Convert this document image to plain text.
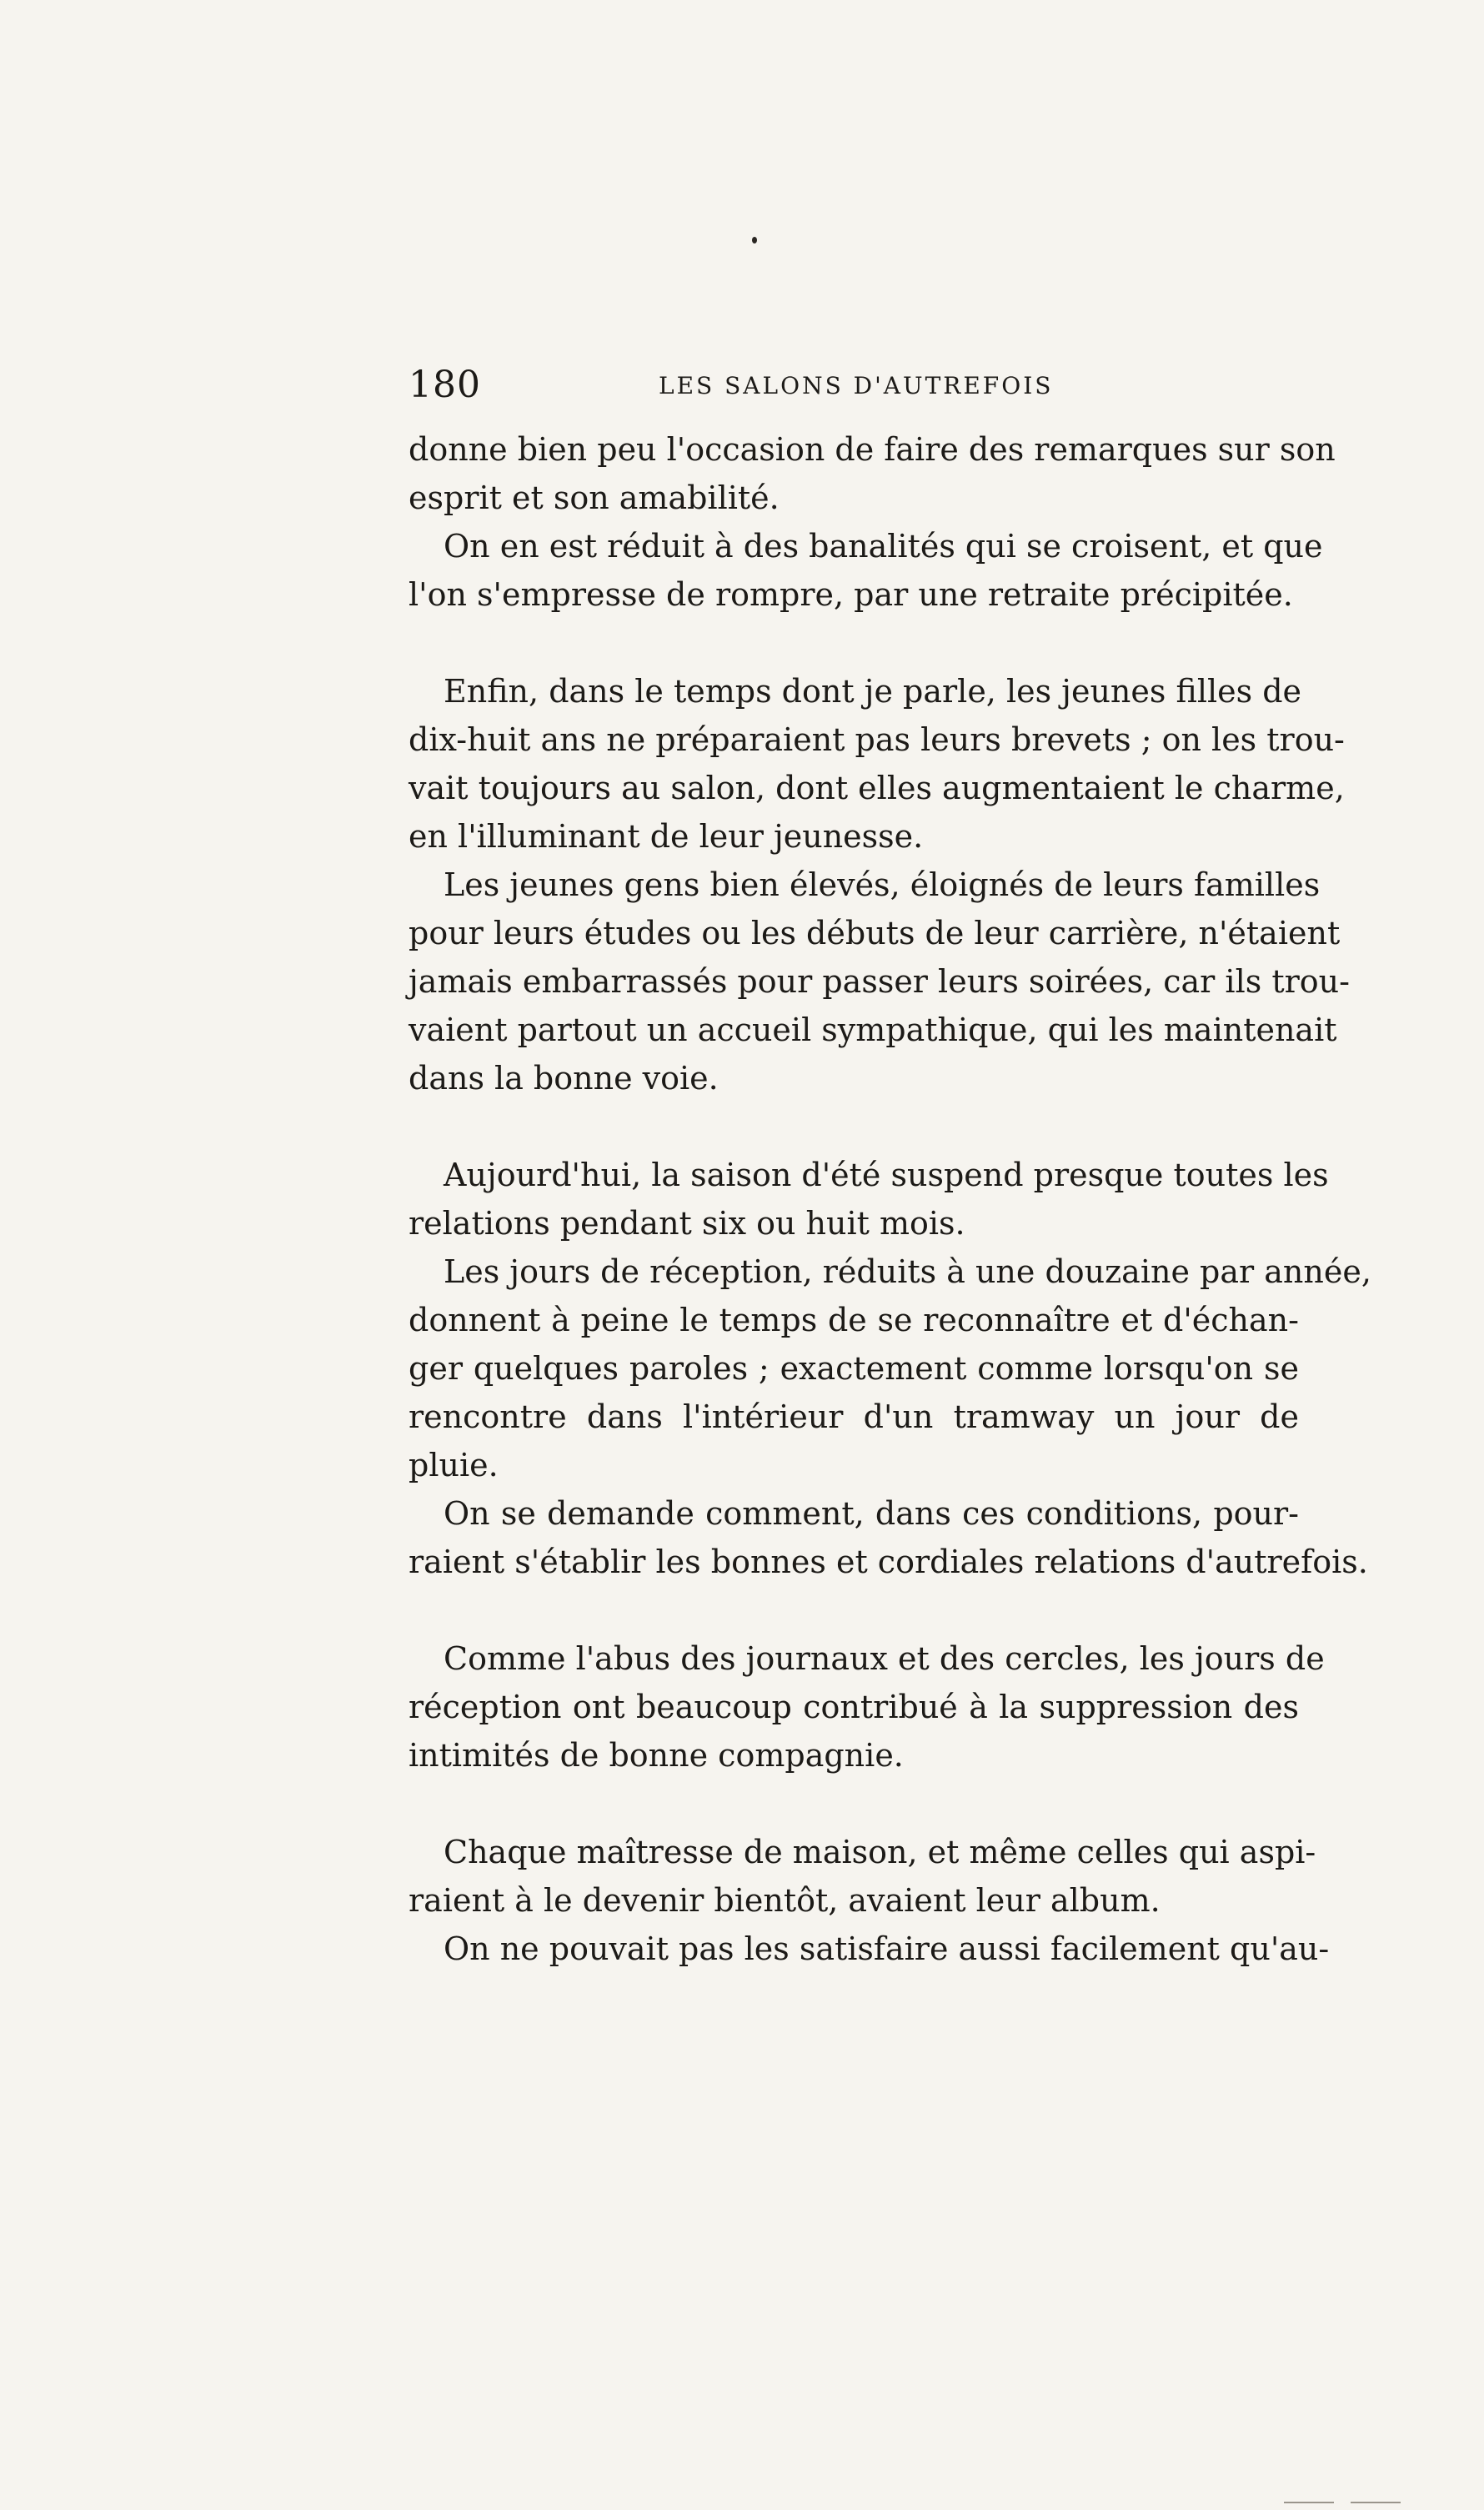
180	LES SALONS D'AUTREFOIS
donne bien peu l'occasion de faire des remarques sur son
esprit et son amabilité.
On en est réduit à des banalités qui se croisent, et que
l'on s'empresse de rompre, par une retraite précipitée.
Enfin, dans le temps dont je parle, les jeunes filles de
dix-huit ans ne préparaient pas leurs brevets ; on les trou-
vait toujours au salon, dont elles augmentaient le charme,
en l'illuminant de leur jeunesse.
Les jeunes gens bien élevés, éloignés de leurs familles
pour leurs études ou les débuts de leur carrière, n'étaient
jamais embarrassés pour passer leurs soirées, car ils trou-
vaient partout un accueil sympathique, qui les maintenait
dans la bonne voie.
Aujourd'hui, la saison d'été suspend presque toutes les
relations pendant six ou huit mois.
Les jours de réception, réduits à une douzaine par année,
donnent à peine le temps de se reconnaître et d'échan-
ger quelques paroles ; exactement comme lorsqu'on se
rencontre dans l'intérieur d'un tramway un jour de
pluie.
On se demande comment, dans ces conditions, pour-
raient s'établir les bonnes et cordiales relations d'autrefois.
Comme l'abus des journaux et des cercles, les jours de
réception ont beaucoup contribué à la suppression des
intimités de bonne compagnie.
Chaque maîtresse de maison, et même celles qui aspi-
raient à le devenir bientôt, avaient leur album.
On ne pouvait pas les satisfaire aussi facilement qu'au-
